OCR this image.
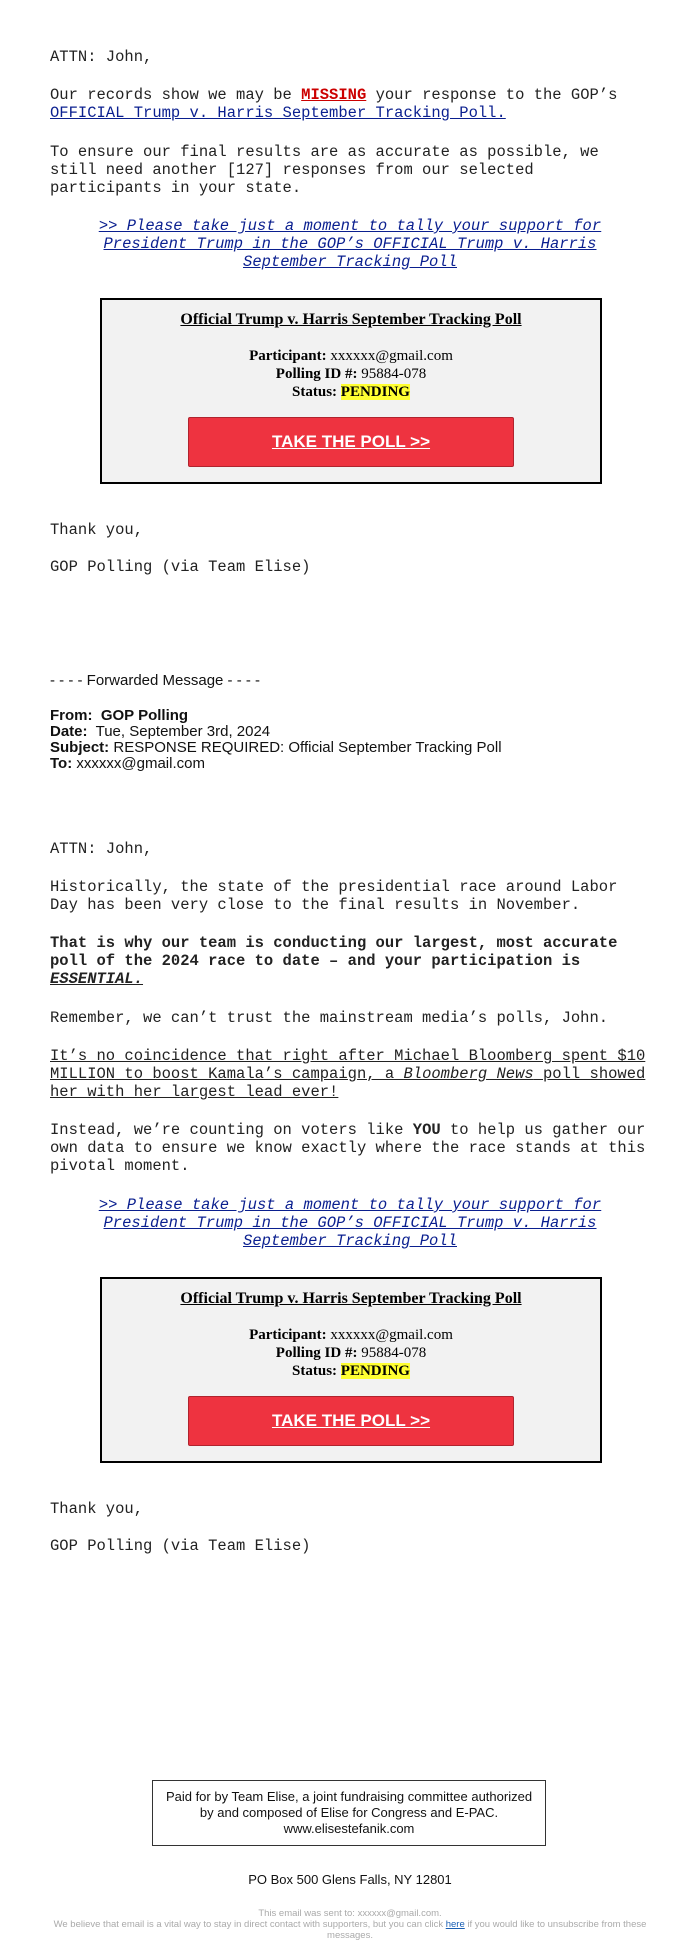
ATTN: John,
Our records show we may be MISSING your response to the GOP’s
OFFICIAL Trump v. Harris September Tracking Poll.
To ensure our final results are as accurate as possible, we still need another [127] responses from our selected participants in your state.
>> Please take just a moment to tally your support for President Trump in the GOP’s OFFICIAL Trump v. Harris September Tracking Poll
Official Trump v. Harris September Tracking Poll
Participant: xxxxxx@gmail.com
Polling ID #: 95884-078
Status: PENDING
TAKE THE POLL >>
Thank you,
GOP Polling (via Team Elise)
- - - - Forwarded Message - - - -
From: GOP Polling
Date: Tue, September 3rd, 2024
Subject: RESPONSE REQUIRED: Official September Tracking Poll
To: xxxxxx@gmail.com
ATTN: John,
Historically, the state of the presidential race around Labor Day has been very close to the final results in November.
That is why our team is conducting our largest, most accurate poll of the 2024 race to date – and your participation is ESSENTIAL.
Remember, we can’t trust the mainstream media’s polls, John.
It’s no coincidence that right after Michael Bloomberg spent $10 MILLION to boost Kamala’s campaign, a Bloomberg News poll showed her with her largest lead ever!
Instead, we’re counting on voters like YOU to help us gather our own data to ensure we know exactly where the race stands at this pivotal moment.
>> Please take just a moment to tally your support for President Trump in the GOP’s OFFICIAL Trump v. Harris September Tracking Poll
Official Trump v. Harris September Tracking Poll
Participant: xxxxxx@gmail.com
Polling ID #: 95884-078
Status: PENDING
TAKE THE POLL >>
Thank you,
GOP Polling (via Team Elise)
Paid for by Team Elise, a joint fundraising committee authorized by and composed of Elise for Congress and E-PAC. www.elisestefanik.com
PO Box 500 Glens Falls, NY 12801
This email was sent to: xxxxxx@gmail.com.
We believe that email is a vital way to stay in direct contact with supporters, but you can click here if you would like to unsubscribe from these messages.
